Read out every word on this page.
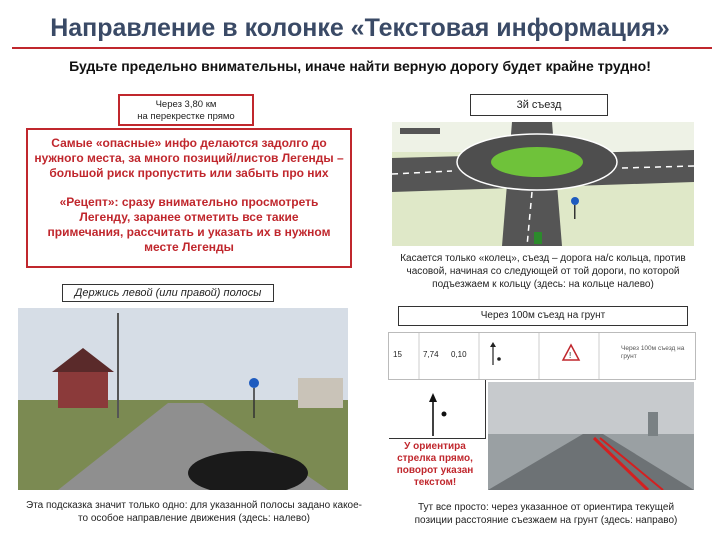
Направление в колонке «Текстовая информация»
Будьте предельно внимательны, иначе найти верную дорогу будет крайне трудно!
Через 3,80 км
на перекрестке прямо

Самые «опасные» инфо делаются задолго до нужного места, за много позиций/листов Легенды – большой риск пропустить или забыть про них

«Рецепт»: сразу внимательно просмотреть Легенду, заранее отметить все такие примечания, рассчитать и указать их в нужном месте Легенды

Держись левой (или правой) полосы
3й съезд
Касается только «колец», съезд – дорога на/с кольца, против часовой, начиная со следующей от той дороги, по которой подъезжаем к кольцу (здесь: на кольце налево)
Через 100м съезд на грунт
!
15	7,74 0,10
Через 100м съезд на грунт
У ориентира стрелка прямо, поворот указан текстом!
Эта подсказка значит только одно: для указанной полосы задано какое-то особое направление движения (здесь: налево)
Тут все просто: через указанное от ориентира текущей позиции расстояние съезжаем на грунт (здесь: направо)
